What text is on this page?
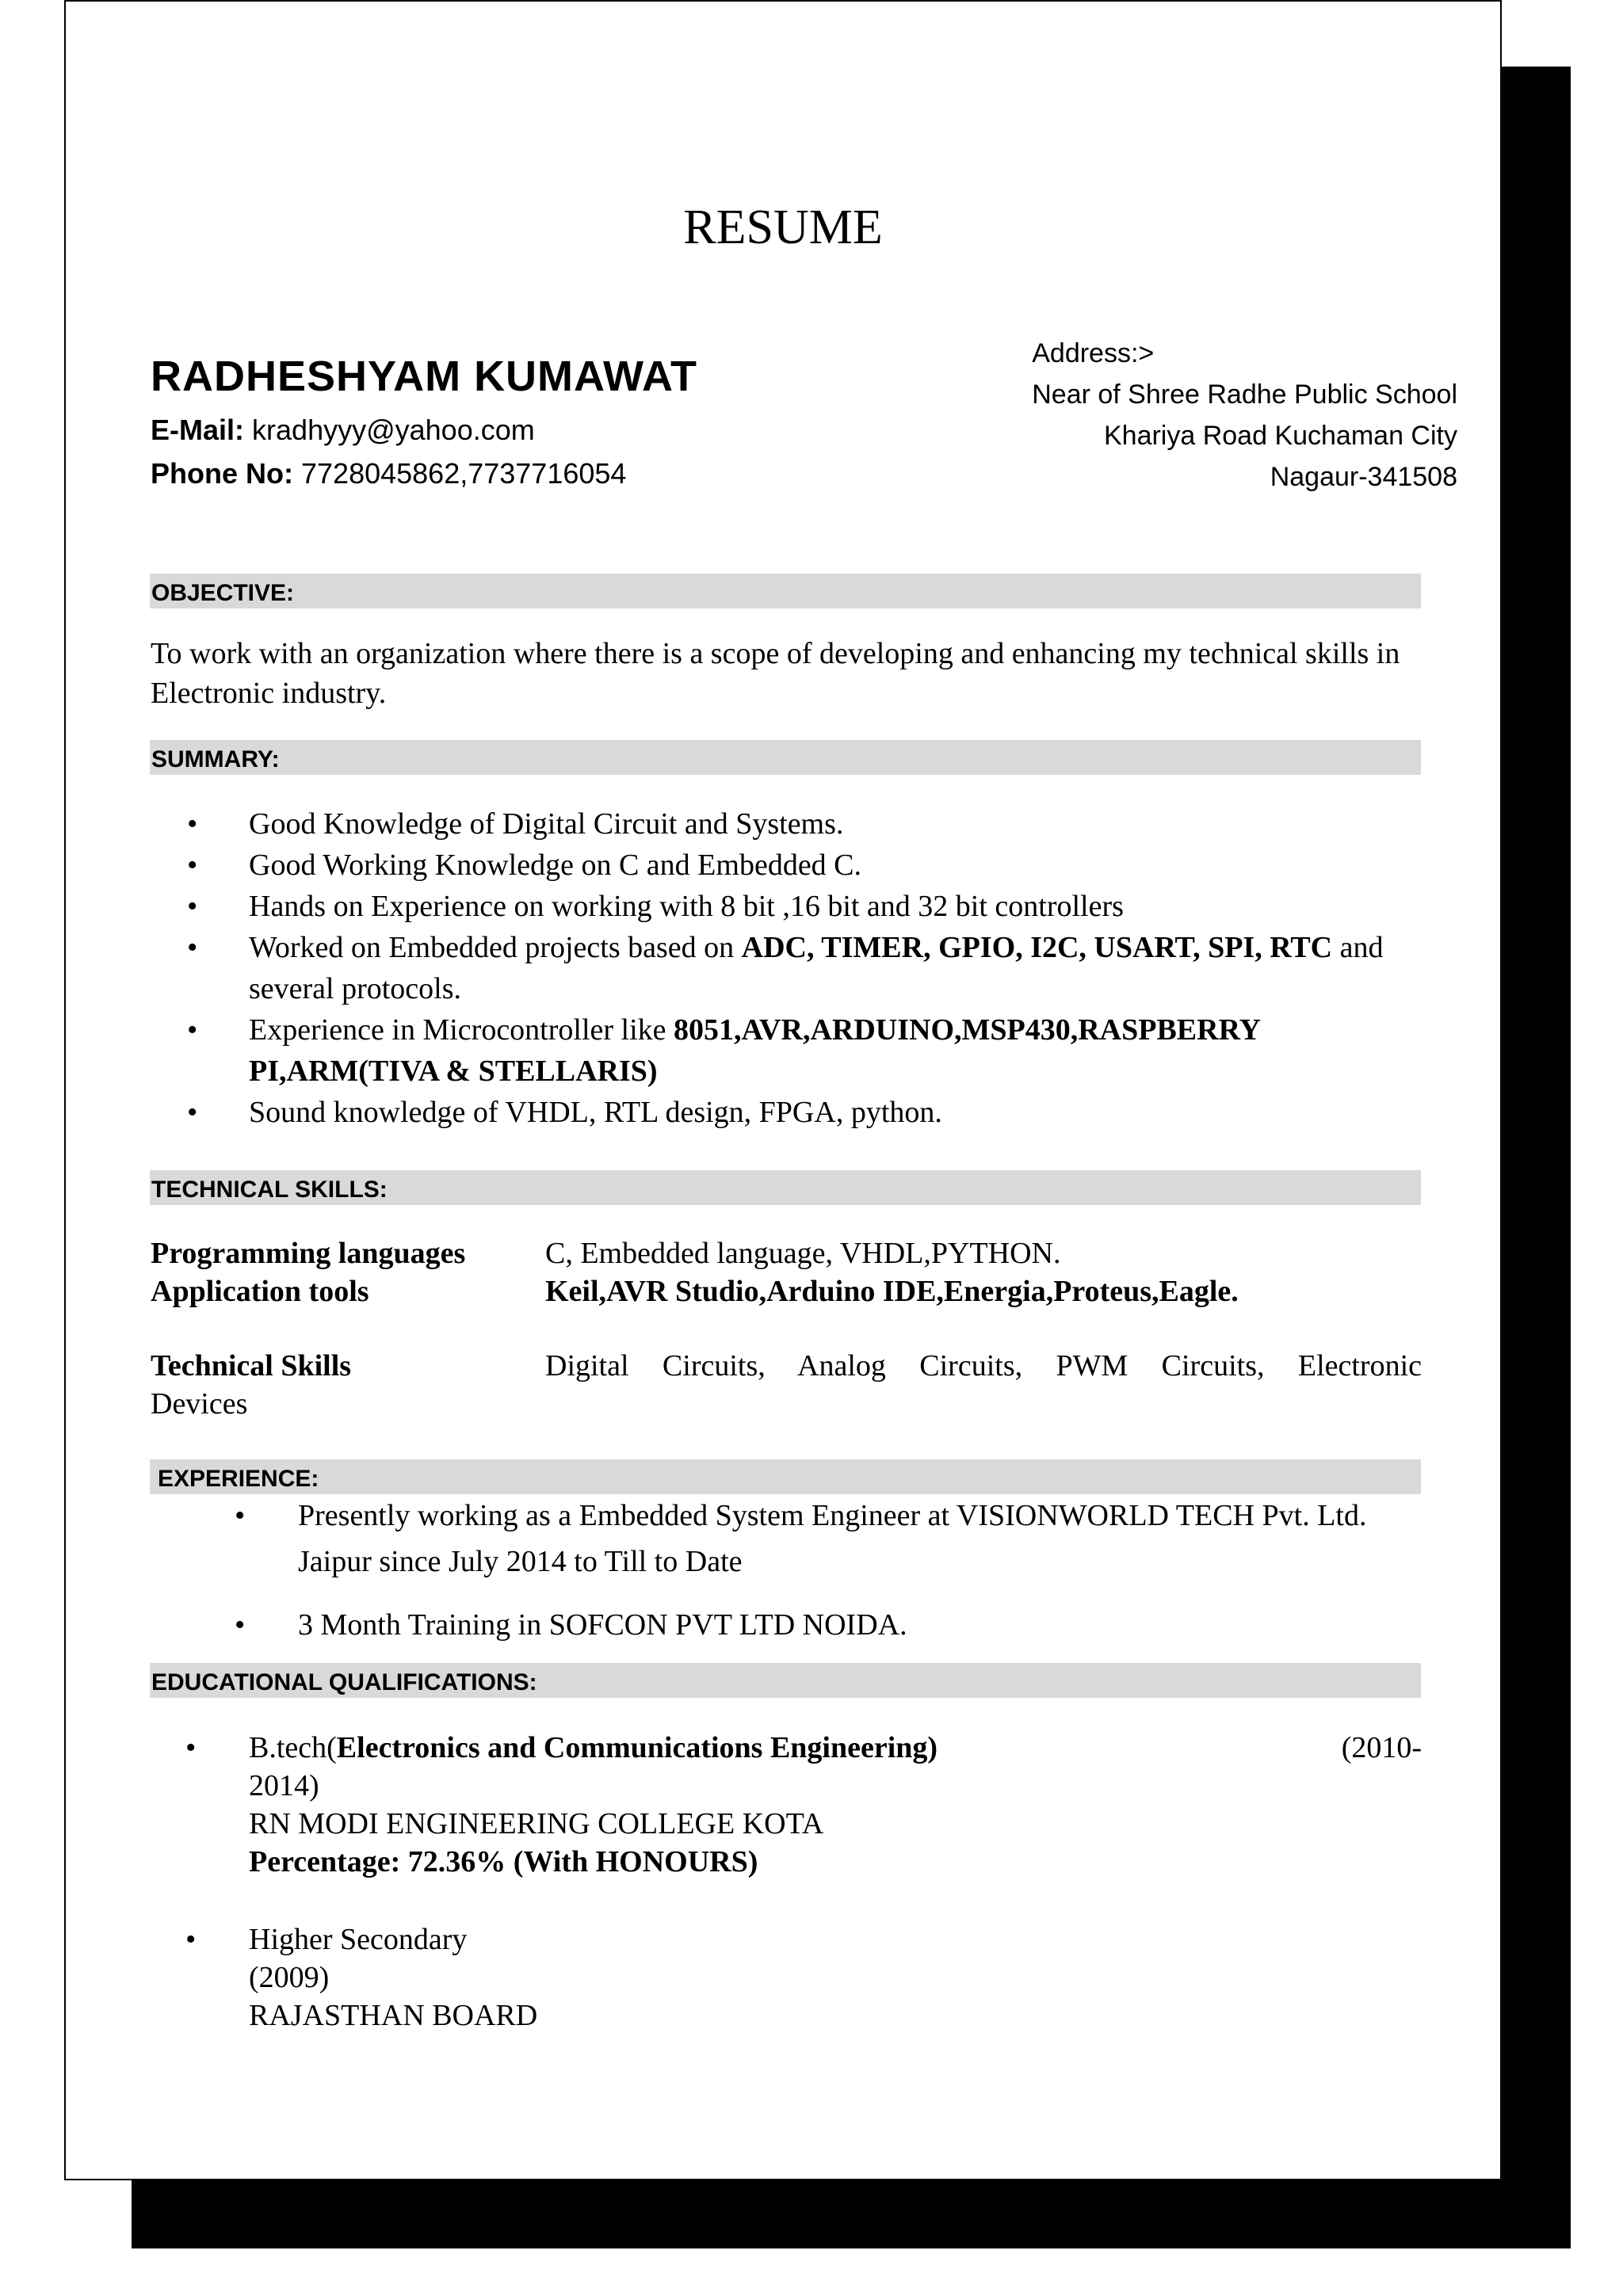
RESUME
RADHESHYAM KUMAWAT
E-Mail: kradhyyy@yahoo.com
Phone No: 7728045862,7737716054
Address:>
Near of Shree Radhe Public School
Khariya Road Kuchaman City
Nagaur-341508
OBJECTIVE:
To work with an organization where there is a scope of developing and enhancing my technical skills in Electronic industry.
SUMMARY:
• Good Knowledge of Digital Circuit and Systems.
• Good Working Knowledge on C and Embedded C.
• Hands on Experience on working with 8 bit ,16 bit and 32 bit controllers
• Worked on Embedded projects based on ADC, TIMER, GPIO, I2C, USART, SPI, RTC and several protocols.
• Experience in Microcontroller like 8051,AVR,ARDUINO,MSP430,RASPBERRY PI,ARM(TIVA & STELLARIS)
• Sound knowledge of VHDL, RTL design, FPGA, python.
TECHNICAL SKILLS:
Programming languages	C, Embedded language, VHDL,PYTHON.
Application tools	Keil,AVR Studio,Arduino IDE,Energia,Proteus,Eagle.
Technical Skills	Digital Circuits, Analog Circuits, PWM Circuits, Electronic
Devices
EXPERIENCE:
• Presently working as a Embedded System Engineer at VISIONWORLD TECH Pvt. Ltd. Jaipur since July 2014 to Till to Date
• 3 Month Training in SOFCON PVT LTD NOIDA.
EDUCATIONAL QUALIFICATIONS:
• B.tech(Electronics and Communications Engineering)	(2010-
2014)
RN MODI ENGINEERING COLLEGE KOTA
Percentage: 72.36% (With HONOURS)
• Higher Secondary
(2009)
RAJASTHAN BOARD
